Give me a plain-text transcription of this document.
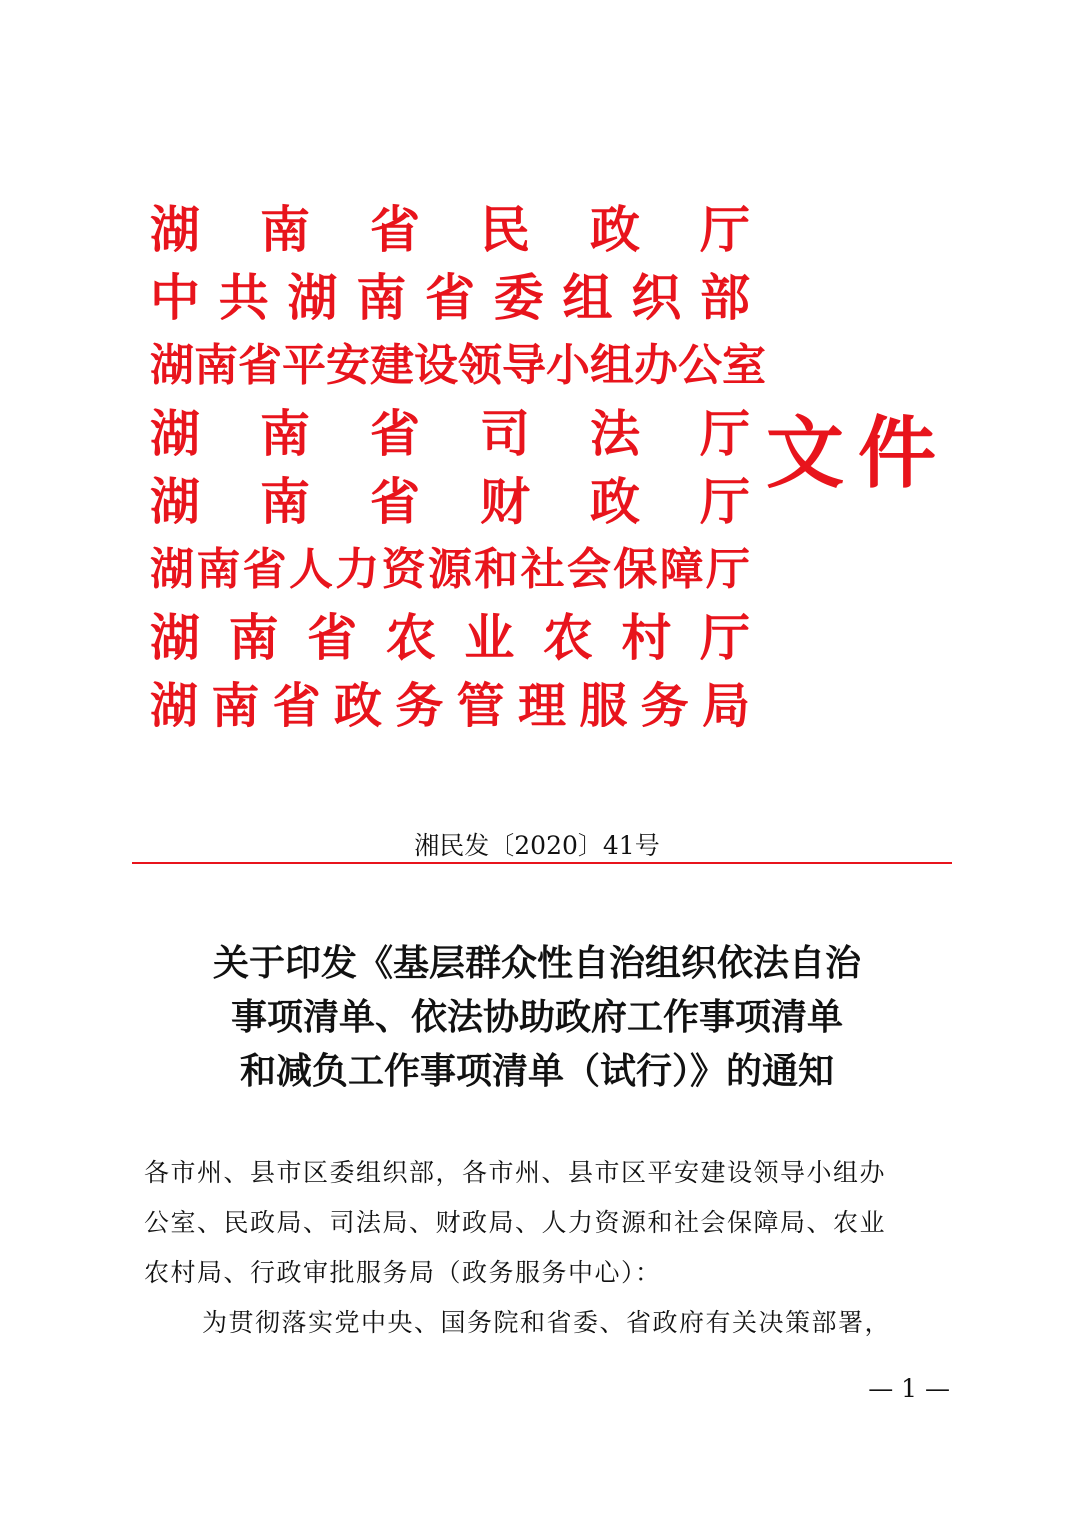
湖 南 省 民 政 厅
中 共 湖 南 省 委 组 织 部
湖 南 省 平 安 建 设 领 导 小 组 办 公 室
湖 南 省 司 法 厅
湖 南 省 财 政 厅
湖 南 省 人 力 资 源 和 社 会 保 障 厅
湖 南 省 农 业 农 村 厅
湖 南 省 政 务 管 理 服 务 局
文件
湘民发〔2020〕41号
关于印发《基层群众性自治组织依法自治
事项清单、依法协助政府工作事项清单
和减负工作事项清单（试行）》的通知
各市州、县市区委组织部，各市州、县市区平安建设领导小组办
公室、民政局、司法局、财政局、人力资源和社会保障局、农业
农村局、行政审批服务局（政务服务中心）：
为贯彻落实党中央、国务院和省委、省政府有关决策部署，
— 1 —
